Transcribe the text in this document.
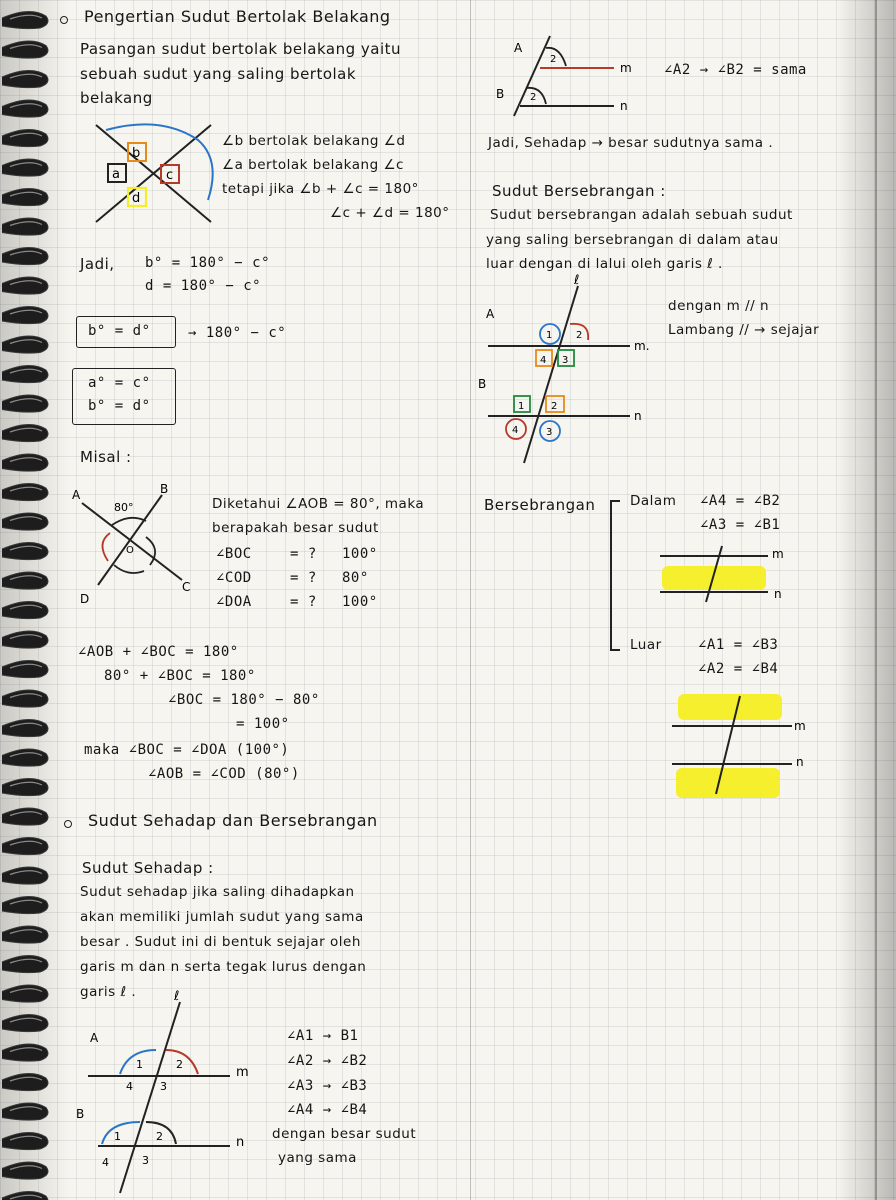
Pengertian Sudut Bertolak Belakang
Pasangan sudut bertolak belakang yaitu
sebuah sudut yang saling bertolak
belakang
b
a	c
d
∠b bertolak belakang ∠d
∠a bertolak belakang ∠c
tetapi jika ∠b + ∠c = 180°
∠c + ∠d = 180°
Jadi, b° = 180° − c°
d = 180° − c°
b° = d°	→ 180° − c°
a° = c°
b° = d°
Misal :
A	B
C
D
80°
O
Diketahui ∠AOB = 80°, maka
berapakah besar sudut
∠BOC	= ? 100°
∠COD	= ? 80°
∠DOA	= ? 100°
∠AOB + ∠BOC = 180°
80° + ∠BOC = 180°
∠BOC = 180° − 80°
= 100°
maka ∠BOC = ∠DOA (100°)
∠AOB = ∠COD (80°)
Sudut Sehadap dan Bersebrangan
Sudut Sehadap :
Sudut sehadap jika saling dihadapkan
akan memiliki jumlah sudut yang sama
besar . Sudut ini di bentuk sejajar oleh
garis m dan n serta tegak lurus dengan
garis ℓ .	ℓ
A
B
m
n
1	2
4 3
1	2
4	3
∠A1 → B1
∠A2 → ∠B2
∠A3 → ∠B3
∠A4 → ∠B4
dengan besar sudut
yang sama
A
B
m
n
2
2
∠A2 → ∠B2 = sama
Jadi, Sehadap → besar sudutnya sama .
Sudut Bersebrangan :
Sudut bersebrangan adalah sebuah sudut
yang saling bersebrangan di dalam atau
luar dengan di lalui oleh garis ℓ .
ℓ
A
B
m.
n
1 2
4 3
1	2
4	3
dengan m // n
Lambang // → sejajar
Bersebrangan	Dalam ∠A4 = ∠B2
∠A3 = ∠B1
m
n
Luar	∠A1 = ∠B3
∠A2 = ∠B4
m
n
